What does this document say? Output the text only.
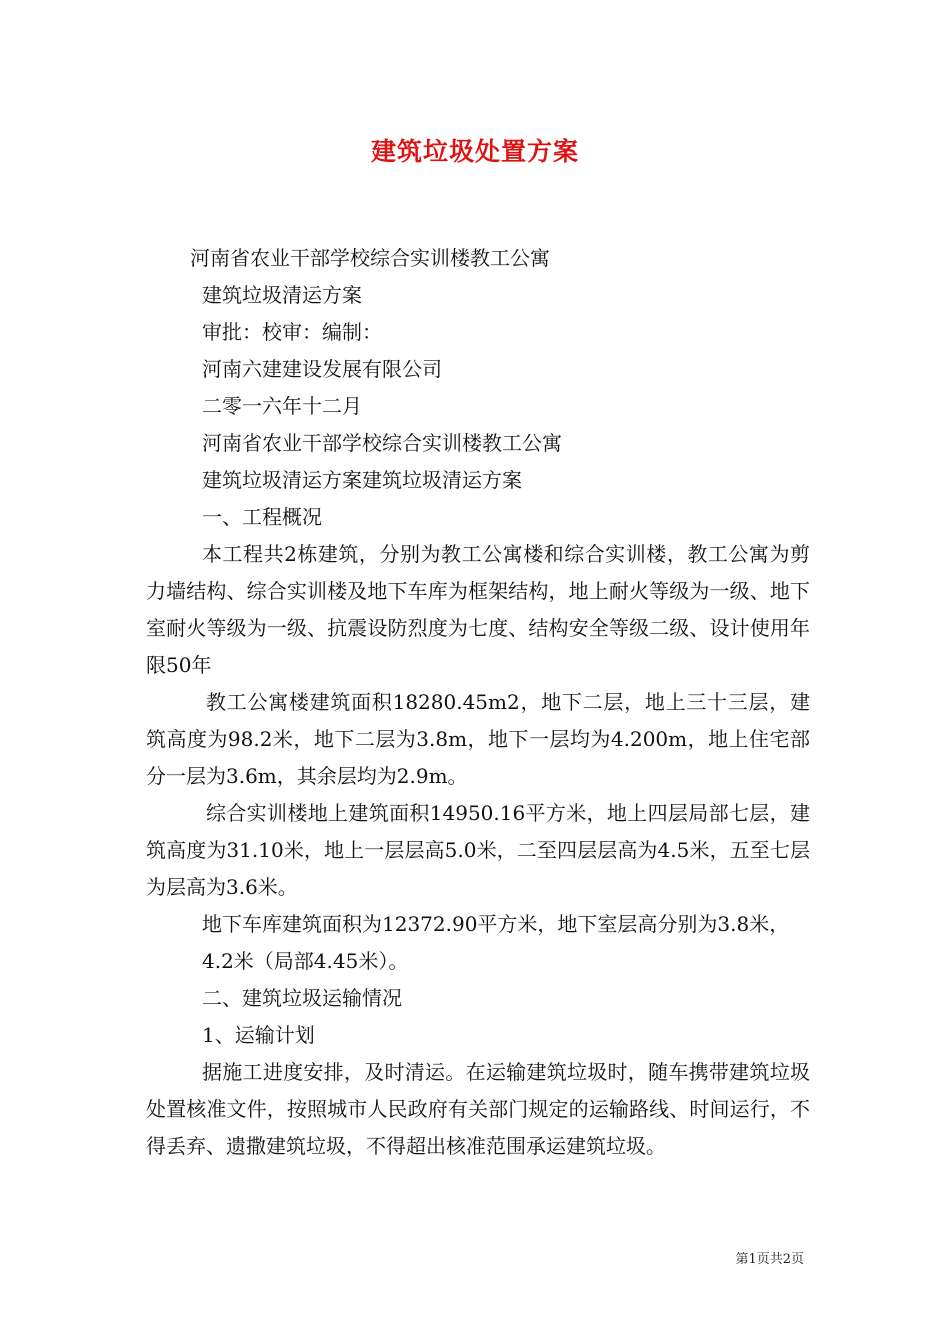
建筑垃圾处置方案
河南省农业干部学校综合实训楼教工公寓
建筑垃圾清运方案
审批：校审：编制：
河南六建建设发展有限公司
二零一六年十二月
河南省农业干部学校综合实训楼教工公寓
建筑垃圾清运方案建筑垃圾清运方案
一、工程概况
本工程共2栋建筑，分别为教工公寓楼和综合实训楼，教工公寓为剪力墙结构、综合实训楼及地下车库为框架结构，地上耐火等级为一级、地下室耐火等级为一级、抗震设防烈度为七度、结构安全等级二级、设计使用年限50年
教工公寓楼建筑面积18280.45m2，地下二层，地上三十三层，建筑高度为98.2米，地下二层为3.8m，地下一层均为4.200m，地上住宅部分一层为3.6m，其余层均为2.9m。
综合实训楼地上建筑面积14950.16平方米，地上四层局部七层，建筑高度为31.10米，地上一层层高5.0米，二至四层层高为4.5米，五至七层为层高为3.6米。
地下车库建筑面积为12372.90平方米，地下室层高分别为3.8米，
4.2米（局部4.45米）。
二、建筑垃圾运输情况
1、运输计划
据施工进度安排，及时清运。在运输建筑垃圾时，随车携带建筑垃圾处置核准文件，按照城市人民政府有关部门规定的运输路线、时间运行，不得丢弃、遗撒建筑垃圾，不得超出核准范围承运建筑垃圾。
第1页共2页
